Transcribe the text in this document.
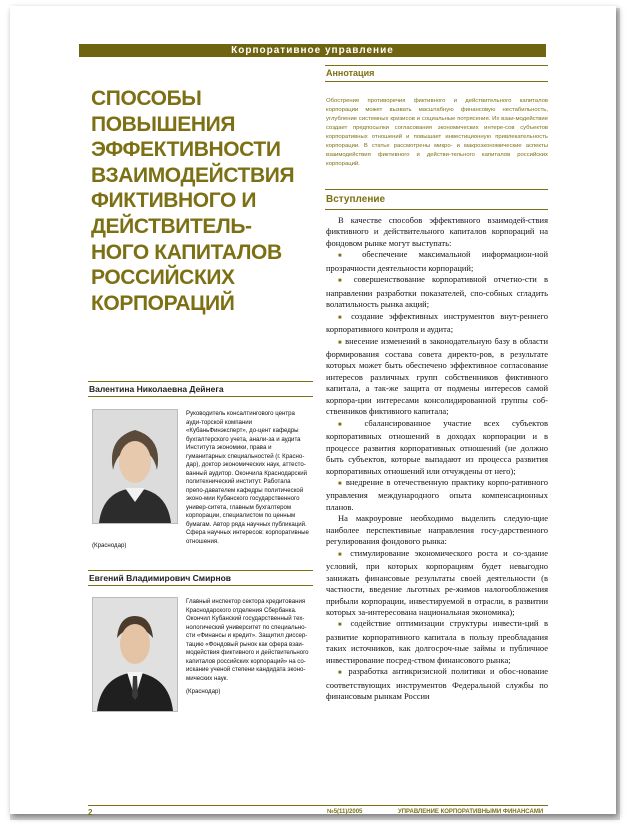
Корпоративное управление
СПОСОБЫ
ПОВЫШЕНИЯ
ЭФФЕКТИВНОСТИ
ВЗАИМОДЕЙСТВИЯ
ФИКТИВНОГО И
ДЕЙСТВИТЕЛЬ-
НОГО КАПИТАЛОВ
РОССИЙСКИХ
КОРПОРАЦИЙ
Валентина Николаевна Дейнега
Руководитель консалтингового центра ауди-торской компании «КубаньФинэксперт», до-цент кафедры бухгалтерского учета, анали-за и аудита Института экономики, права и гуманитарных специальностей (г. Красно-дар), доктор экономических наук, аттесто-ванный аудитор. Окончила Краснодарский политехнический институт. Работала препо-давателем кафедры политической эконо-мии Кубанского государственного универ-ситета, главным бухгалтером корпорации, специалистом по ценным бумагам. Автор ряда научных публикаций. Сфера научных интересов: корпоративные отношения.
(Краснодар)
Евгений Владимирович Смирнов
Главный инспектор сектора кредитования Краснодарского отделения Сбербанка. Окончил Кубанский государственный тех-нологический университет по специально-сти «Финансы и кредит». Защитил диссер-тацию «Фондовый рынок как сфера взаи-модействия фиктивного и действительного капиталов российских корпораций» на со-искание ученой степени кандидата эконо-мических наук.
(Краснодар)
Аннотация
Обострение противоречия фиктивного и действительного капиталов корпорации может вызвать масштабную финансовую нестабильность, углубление системных кризисов и социальные потрясения. Их взаи-модействие создает предпосылки согласования экономических интере-сов субъектов корпоративных отношений и повышает инвестиционную привлекательность корпорации. В статье рассмотрены микро- и макроэкономические аспекты взаимодействия фиктивного и действи-тельного капиталов российских корпораций.
Вступление

В качестве способов эффективного взаимодей-ствия фиктивного и действительного капиталов корпораций на фондовом рынке могут выступать:

■ обеспечение максимальной информацион-ной прозрачности деятельности корпораций;

■ совершенствование корпоративной отчетно-сти в направлении разработки показателей, спо-собных сгладить волатильность рынка акций;

■ создание эффективных инструментов внут-реннего корпоративного контроля и аудита;

■ внесение изменений в законодательную базу в области формирования состава совета директо-ров, в результате которых может быть обеспечено эффективное согласование интересов различных групп собственников фиктивного капитала, а так-же защита от подмены интересов самой корпора-ции интересами консолидированной группы соб-ственников фиктивного капитала;

■ сбалансированное участие всех субъектов корпоративных отношений в доходах корпорации и в процессе развития корпоративных отношений (не должно быть субъектов, которые выпадают из процесса развития корпоративных отношений или отчуждены от него);

■ внедрение в отечественную практику корпо-ративного управления международного опыта компенсационных планов.

На макроуровне необходимо выделить следую-щие наиболее перспективные направления госу-дарственного регулирования фондового рынка:

■ стимулирование экономического роста и со-здание условий, при которых корпорациям будет невыгодно занижать финансовые результаты своей деятельности (в частности, введение льготных ре-жимов налогообложения прибыли корпорации, инвестируемой в отрасли, в развитии которых за-интересована национальная экономика);

■ содействие оптимизации структуры инвести-ций в развитие корпоративного капитала в пользу преобладания таких источников, как долгосроч-ные займы и публичное инвестирование посред-ством финансового рынка;

■ разработка антикризисной политики и обос-нование соответствующих инструментов Федеральной службы по финансовым рынкам России

2	№5(11)/2005	УПРАВЛЕНИЕ КОРПОРАТИВНЫМИ ФИНАНСАМИ
